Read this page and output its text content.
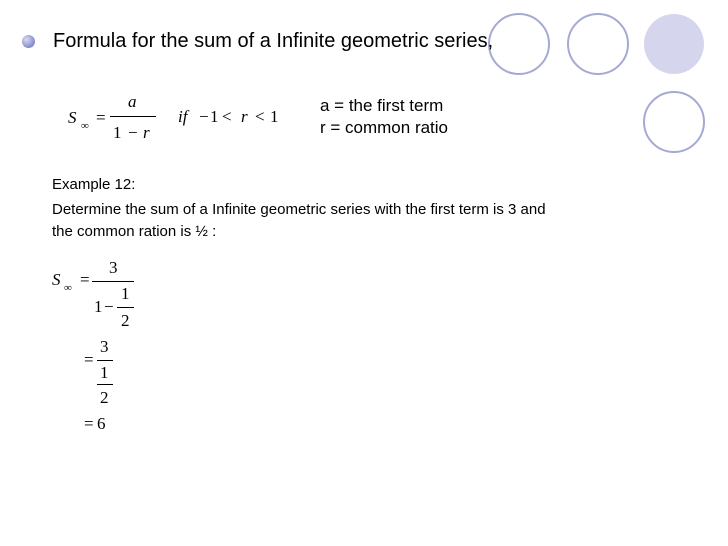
Formula for the sum of a Infinite geometric series,
S ∞ =
a
1 − r
if − 1 < r < 1
a = the first term
r = common ratio
Example 12:
Determine the sum of a Infinite geometric series with the first term is 3 and
the common ration is ½ :
S ∞ =
3
1 −
1
2
=
3
1
2
= 6
